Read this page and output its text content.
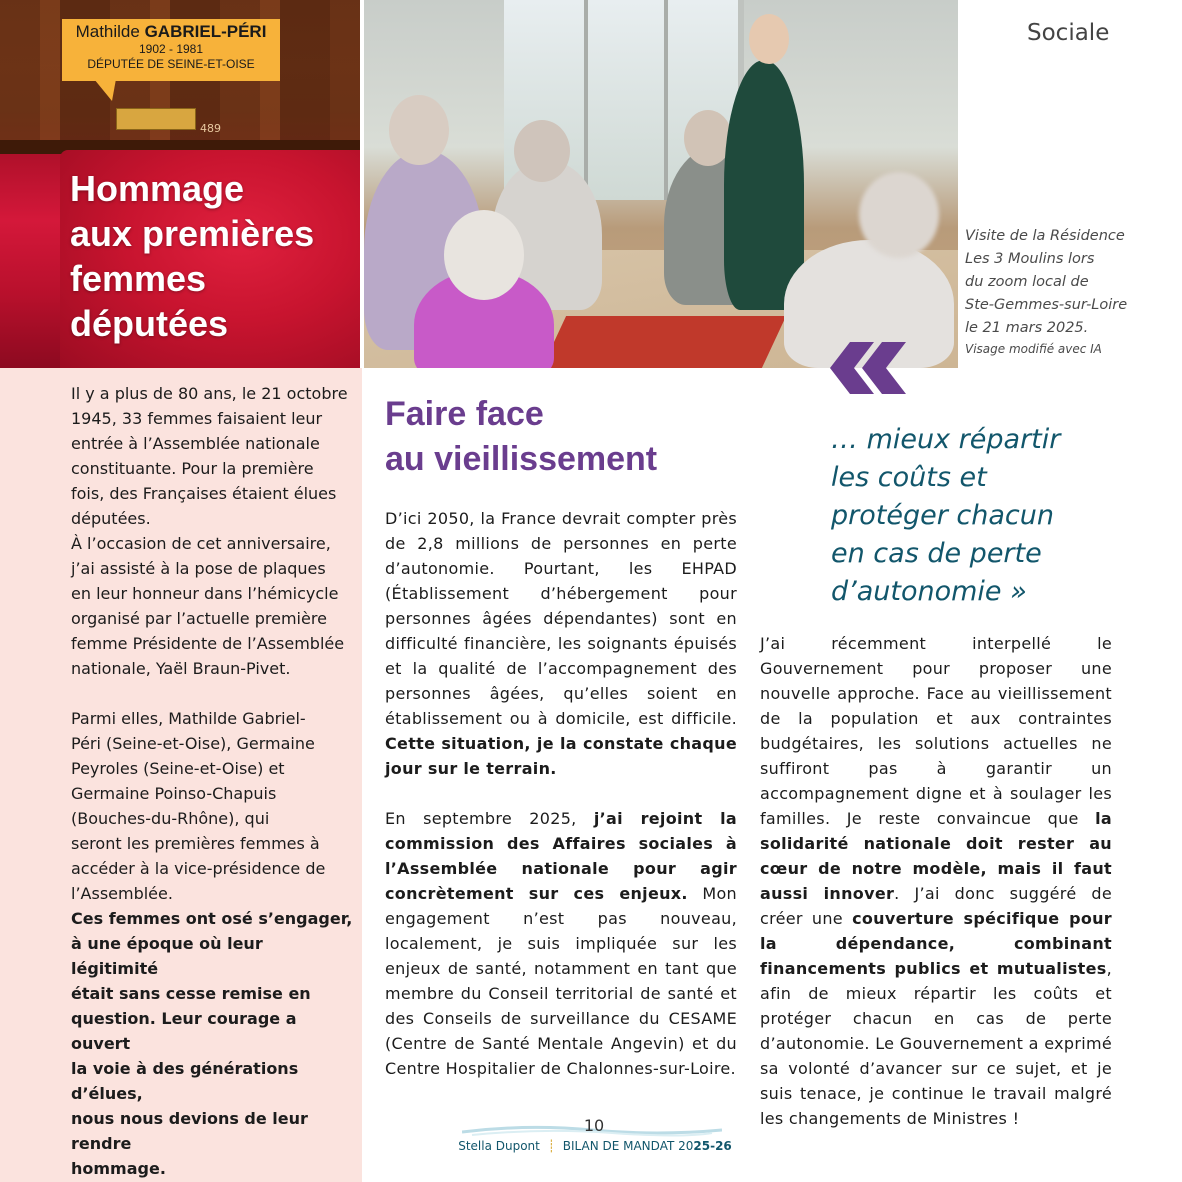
489
Mathilde GABRIEL-PÉRI
1902 - 1981
DÉPUTÉE DE SEINE-ET-OISE
Hommage
aux premières
femmes
députées
Sociale
Visite de la Résidence
Les 3 Moulins lors
du zoom local de
Ste-Gemmes-sur-Loire
le 21 mars 2025.
Visage modifié avec IA

Il y a plus de 80 ans, le 21 octobre

1945, 33 femmes faisaient leur

entrée à l’Assemblée nationale

constituante. Pour la première

fois, des Françaises étaient élues

députées.

À l’occasion de cet anniversaire,

j’ai assisté à la pose de plaques

en leur honneur dans l’hémicycle

organisé par l’actuelle première

femme Présidente de l’Assemblée

nationale, Yaël Braun-Pivet.

Parmi elles, Mathilde Gabriel-

Péri (Seine-et-Oise), Germaine

Peyroles (Seine-et-Oise) et

Germaine Poinso-Chapuis

(Bouches-du-Rhône), qui

seront les premières femmes à

accéder à la vice-présidence de

l’Assemblée.

Ces femmes ont osé s’engager,

à une époque où leur légitimité

était sans cesse remise en

question. Leur courage a ouvert

la voie à des générations d’élues,

nous nous devions de leur rendre

hommage.

Faire face
au vieillissement
D’ici 2050, la France devrait compter près de 2,8 millions de personnes en perte d’autonomie. Pourtant, les EHPAD (Établissement d’hébergement pour personnes âgées dépendantes) sont en difficulté financière, les soignants épuisés et la qualité de l’accompagnement des personnes âgées, qu’elles soient en établissement ou à domicile, est difficile. Cette situation, je la constate chaque jour sur le terrain.
En septembre 2025, j’ai rejoint la commission des Affaires sociales à l’Assemblée nationale pour agir concrètement sur ces enjeux. Mon engagement n’est pas nouveau, localement, je suis impliquée sur les enjeux de santé, notamment en tant que membre du Conseil territorial de santé et des Conseils de surveillance du CESAME (Centre de Santé Mentale Angevin) et du Centre Hospitalier de Chalonnes-sur-Loire.
… mieux répartir
les coûts et
protéger chacun
en cas de perte
d’autonomie »
J’ai récemment interpellé le Gouvernement pour proposer une nouvelle approche. Face au vieillissement de la population et aux contraintes budgétaires, les solutions actuelles ne suffiront pas à garantir un accompagnement digne et à soulager les familles. Je reste convaincue que la solidarité nationale doit rester au cœur de notre modèle, mais il faut aussi innover. J’ai donc suggéré de créer une couverture spécifique pour la dépendance, combinant financements publics et mutualistes, afin de mieux répartir les coûts et protéger chacun en cas de perte d’autonomie. Le Gouvernement a exprimé sa volonté d’avancer sur ce sujet, et je suis tenace, je continue le travail malgré les changements de Ministres !
10
Stella Dupont ┊ BILAN DE MANDAT 2025-26
